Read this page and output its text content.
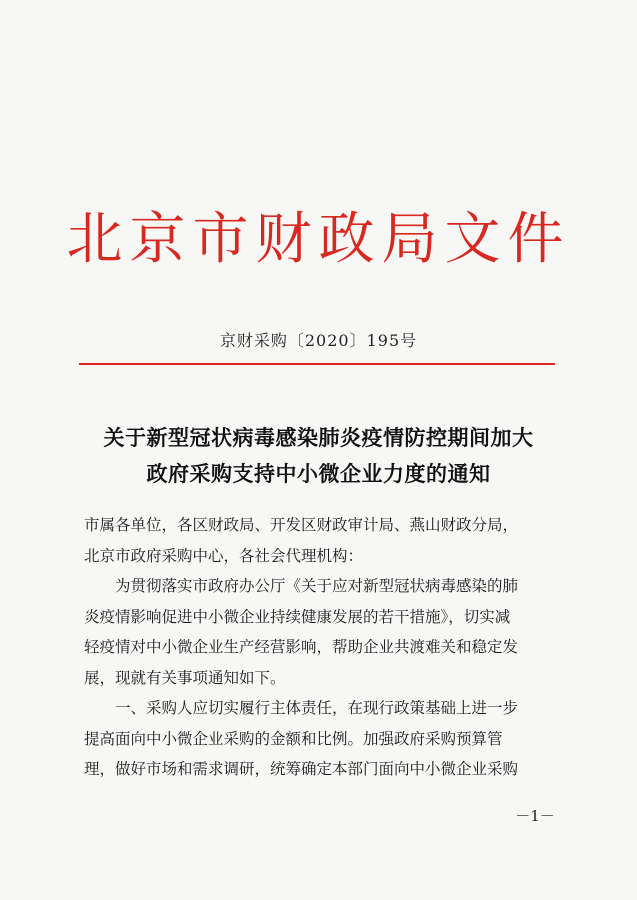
北京市财政局文件
京财采购〔2020〕195号
关于新型冠状病毒感染肺炎疫情防控期间加大
政府采购支持中小微企业力度的通知
市属各单位，各区财政局、开发区财政审计局、燕山财政分局，
北京市政府采购中心，各社会代理机构：
为贯彻落实市政府办公厅《关于应对新型冠状病毒感染的肺
炎疫情影响促进中小微企业持续健康发展的若干措施》，切实减
轻疫情对中小微企业生产经营影响，帮助企业共渡难关和稳定发
展，现就有关事项通知如下。
一、采购人应切实履行主体责任，在现行政策基础上进一步
提高面向中小微企业采购的金额和比例。加强政府采购预算管
理，做好市场和需求调研，统筹确定本部门面向中小微企业采购
－1－
